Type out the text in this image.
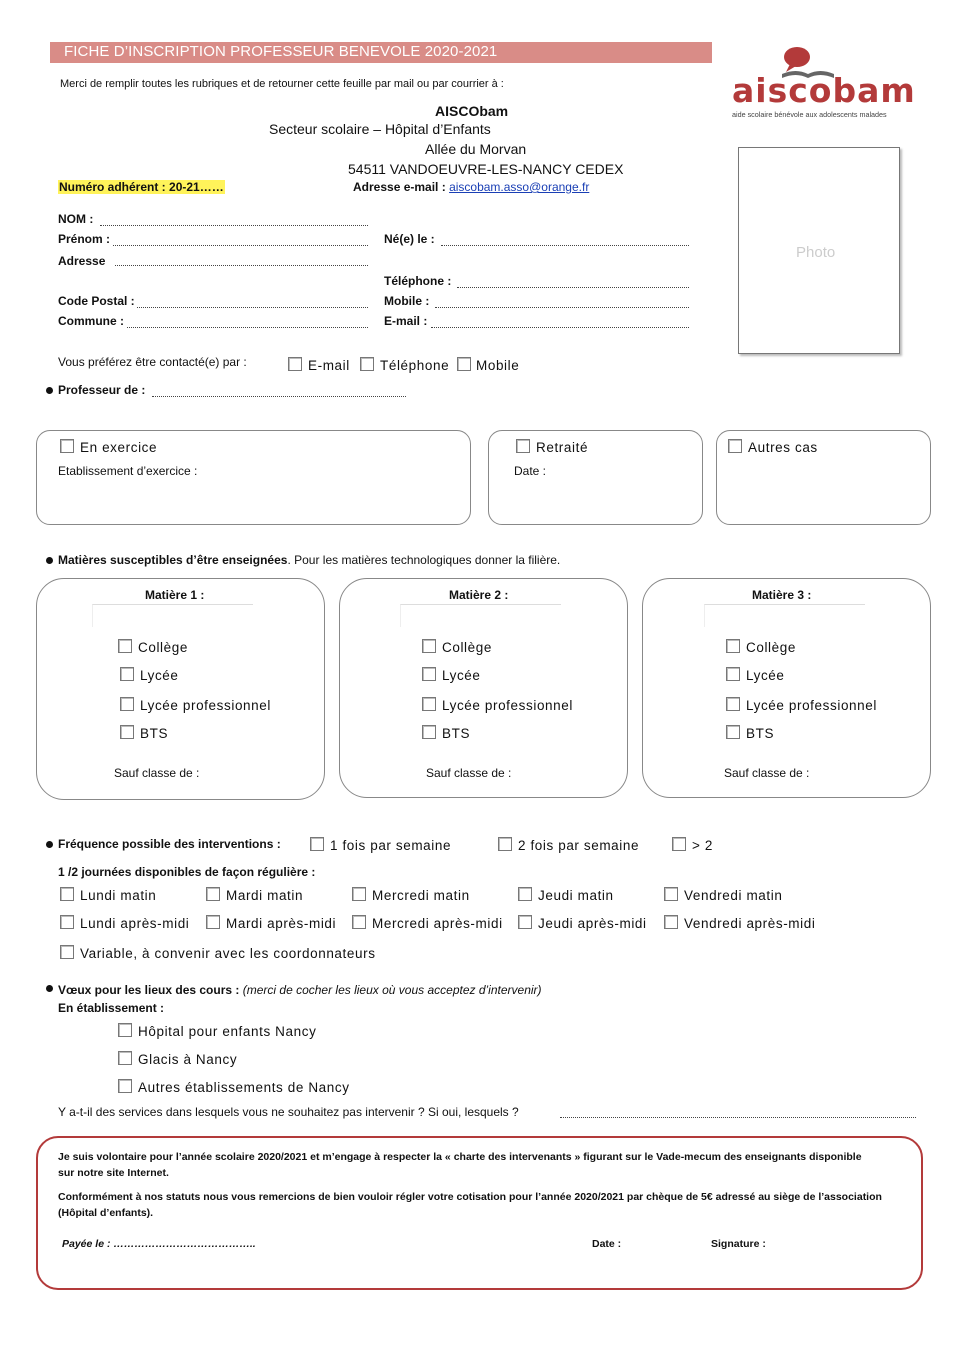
FICHE D’INSCRIPTION PROFESSEUR BENEVOLE 2020-2021
aiscobam
aide scolaire bénévole aux adolescents malades
Merci de remplir toutes les rubriques et de retourner cette feuille par mail ou par courrier à :
AISCObam
Secteur scolaire – Hôpital d’Enfants
Allée du Morvan
54511 VANDOEUVRE-LES-NANCY CEDEX
Adresse e-mail : aiscobam.asso@orange.fr
Numéro adhérent : 20-21……
Photo
NOM :
Prénom :
Adresse
Code Postal :
Commune :
Né(e) le :
Téléphone :
Mobile :
E-mail :
Vous préférez être contacté(e) par :	E-mail Téléphone Mobile
Professeur de :
En exercice
Etablissement d’exercice :
Retraité
Date :
Autres cas
Matières susceptibles d’être enseignées. Pour les matières technologiques donner la filière.
Matière 1 :
Collège
Lycée
Lycée professionnel
BTS
Sauf classe de :
Matière 2 :
Collège
Lycée
Lycée professionnel
BTS
Sauf classe de :
Matière 3 :
Collège
Lycée
Lycée professionnel
BTS
Sauf classe de :
Fréquence possible des interventions :	1 fois par semaine	2 fois par semaine	> 2
1 /2 journées disponibles de façon régulière :
Lundi matin	Mardi matin	Mercredi matin	Jeudi matin	Vendredi matin
Lundi après-midi	Mardi après-midi	Mercredi après-midi	Jeudi après-midi	Vendredi après-midi
Variable, à convenir avec les coordonnateurs
Vœux pour les lieux des cours : (merci de cocher les lieux où vous acceptez d’intervenir)
En établissement :
Hôpital pour enfants Nancy
Glacis à Nancy
Autres établissements de Nancy
Y a-t-il des services dans lesquels vous ne souhaitez pas intervenir ? Si oui, lesquels ?
Je suis volontaire pour l’année scolaire 2020/2021 et m’engage à respecter la « charte des intervenants » figurant sur le Vade-mecum des enseignants disponible sur notre site Internet.
Conformément à nos statuts nous vous remercions de bien vouloir régler votre cotisation pour l’année 2020/2021 par chèque de 5€ adressé au siège de l’association (Hôpital d’enfants).
Payée le : …………………………………..	Date :	Signature :
